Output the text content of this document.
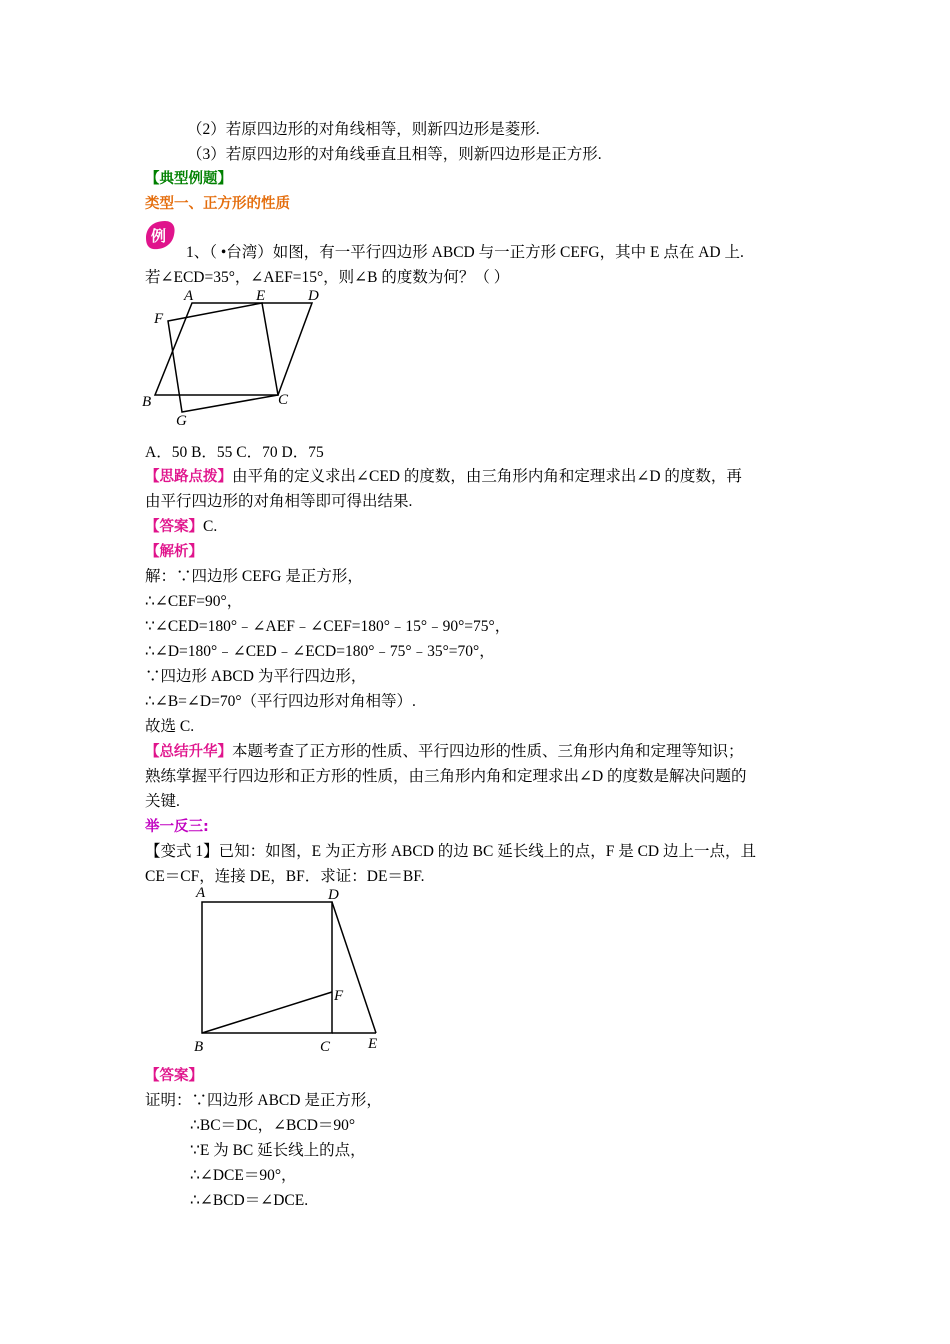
（2）若原四边形的对角线相等，则新四边形是菱形.
（3）若原四边形的对角线垂直且相等，则新四边形是正方形.
【典型例题】
类型一、正方形的性质
例
1、（ •台湾）如图，有一平行四边形 ABCD 与一正方形 CEFG，其中 E 点在 AD 上.
若∠ECD=35°，∠AEF=15°，则∠B 的度数为何？（ ）
A	E	D
F
B
G
C
A．50 B．55 C．70 D．75
【思路点拨】由平角的定义求出∠CED 的度数，由三角形内角和定理求出∠D 的度数，再
由平行四边形的对角相等即可得出结果.
【答案】C.
【解析】
解：∵四边形 CEFG 是正方形，
∴∠CEF=90°，
∵∠CED=180°﹣∠AEF﹣∠CEF=180°﹣15°﹣90°=75°，
∴∠D=180°﹣∠CED﹣∠ECD=180°﹣75°﹣35°=70°，
∵四边形 ABCD 为平行四边形，
∴∠B=∠D=70°（平行四边形对角相等）.
故选 C.
【总结升华】本题考查了正方形的性质、平行四边形的性质、三角形内角和定理等知识；
熟练掌握平行四边形和正方形的性质，由三角形内角和定理求出∠D 的度数是解决问题的
关键.
举一反三:
【变式 1】已知：如图，E 为正方形 ABCD 的边 BC 延长线上的点，F 是 CD 边上一点，且
CE＝CF，连接 DE，BF．求证：DE＝BF.
A	D
F
B	C	E
【答案】
证明：∵四边形 ABCD 是正方形，
∴BC＝DC，∠BCD＝90°
∵E 为 BC 延长线上的点，
∴∠DCE＝90°，
∴∠BCD＝∠DCE.
